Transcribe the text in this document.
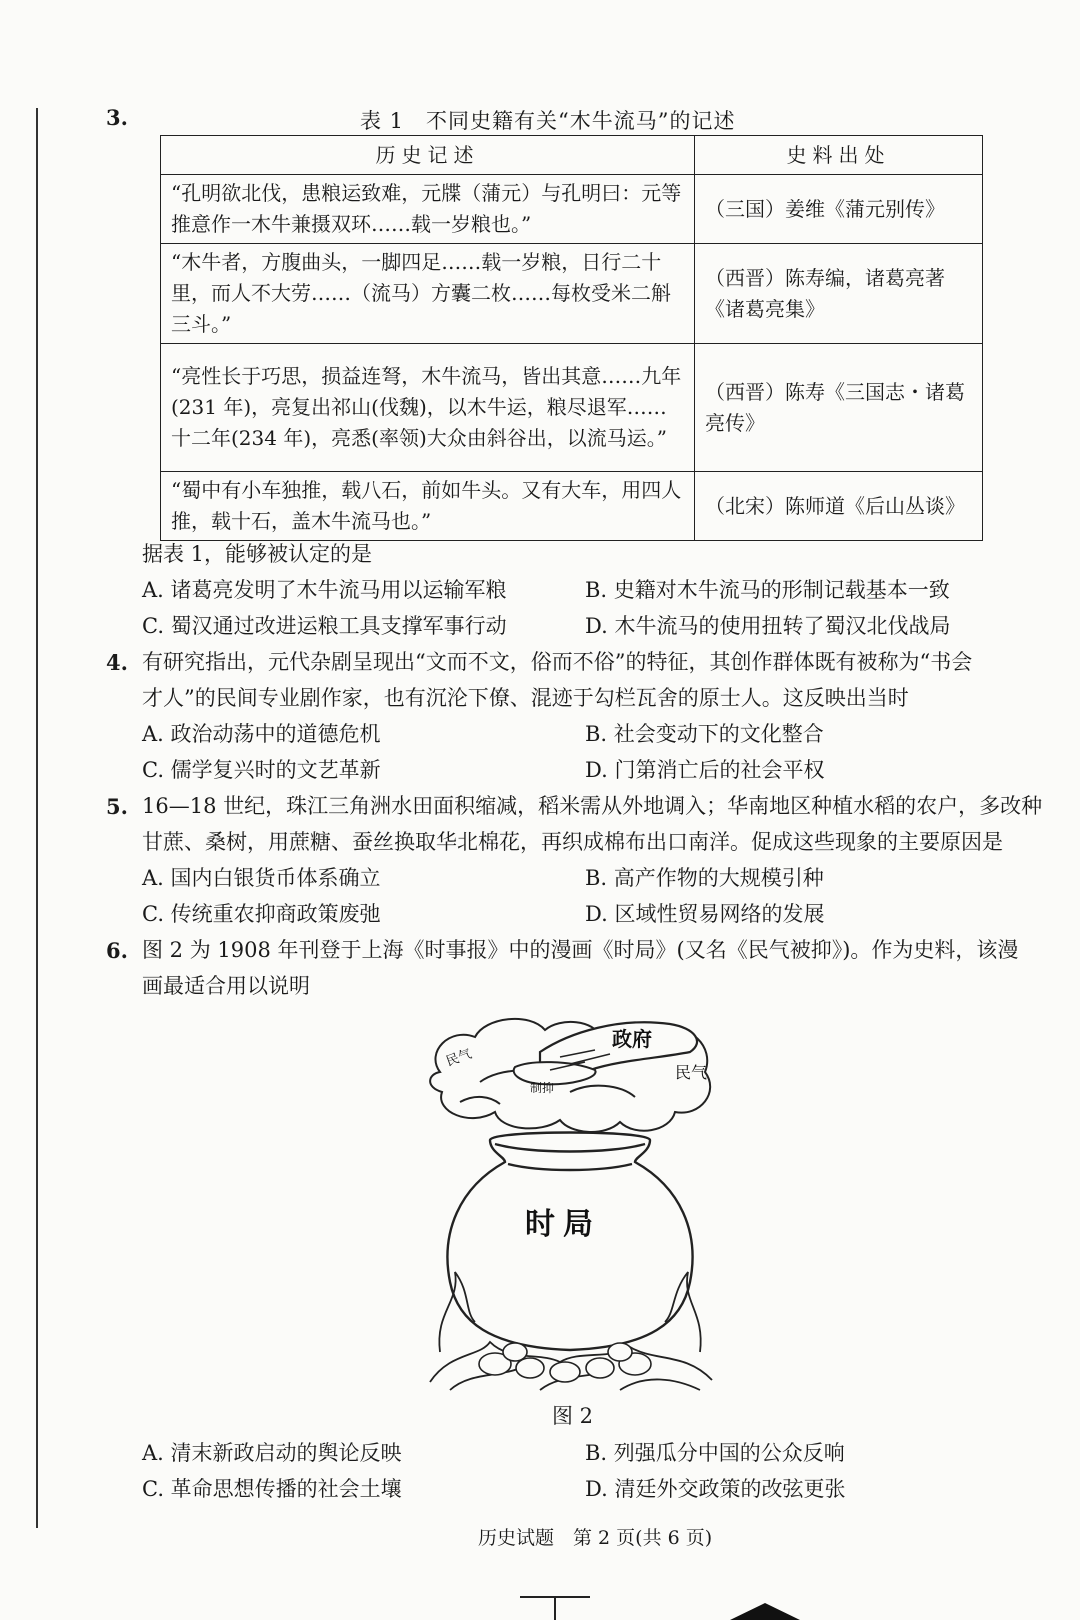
3.	表 1　不同史籍有关“木牛流马”的记述
历史记述	史料出处
“孔明欲北伐，患粮运致难，元牒（蒲元）与孔明曰：元等推意作一木牛兼摄双环……载一岁粮也。”	（三国）姜维《蒲元别传》
“木牛者，方腹曲头，一脚四足……载一岁粮，日行二十里，而人不大劳……（流马）方囊二枚……每枚受米二斛三斗。”	（西晋）陈寿编，诸葛亮著《诸葛亮集》
“亮性长于巧思，损益连弩，木牛流马，皆出其意……九年(231 年)，亮复出祁山(伐魏)，以木牛运，粮尽退军……十二年(234 年)，亮悉(率领)大众由斜谷出，以流马运。”	（西晋）陈寿《三国志・诸葛亮传》
“蜀中有小车独推，载八石，前如牛头。又有大车，用四人推，载十石，盖木牛流马也。”	（北宋）陈师道《后山丛谈》
据表 1，能够被认定的是
A. 诸葛亮发明了木牛流马用以运输军粮	B. 史籍对木牛流马的形制记载基本一致
C. 蜀汉通过改进运粮工具支撑军事行动	D. 木牛流马的使用扭转了蜀汉北伐战局
4. 有研究指出，元代杂剧呈现出“文而不文，俗而不俗”的特征，其创作群体既有被称为“书会
才人”的民间专业剧作家，也有沉沦下僚、混迹于勾栏瓦舍的原士人。这反映出当时
A. 政治动荡中的道德危机	B. 社会变动下的文化整合
C. 儒学复兴时的文艺革新	D. 门第消亡后的社会平权
5. 16—18 世纪，珠江三角洲水田面积缩减，稻米需从外地调入；华南地区种植水稻的农户，多改种
甘蔗、桑树，用蔗糖、蚕丝换取华北棉花，再织成棉布出口南洋。促成这些现象的主要原因是
A. 国内白银货币体系确立	B. 高产作物的大规模引种
C. 传统重农抑商政策废弛	D. 区域性贸易网络的发展
6. 图 2 为 1908 年刊登于上海《时事报》中的漫画《时局》(又名《民气被抑》)。作为史料，该漫
画最适合用以说明
政府
民气
民气
制抑
时局
图 2
A. 清末新政启动的舆论反映	B. 列强瓜分中国的公众反响
C. 革命思想传播的社会土壤	D. 清廷外交政策的改弦更张
历史试题　第 2 页(共 6 页)
